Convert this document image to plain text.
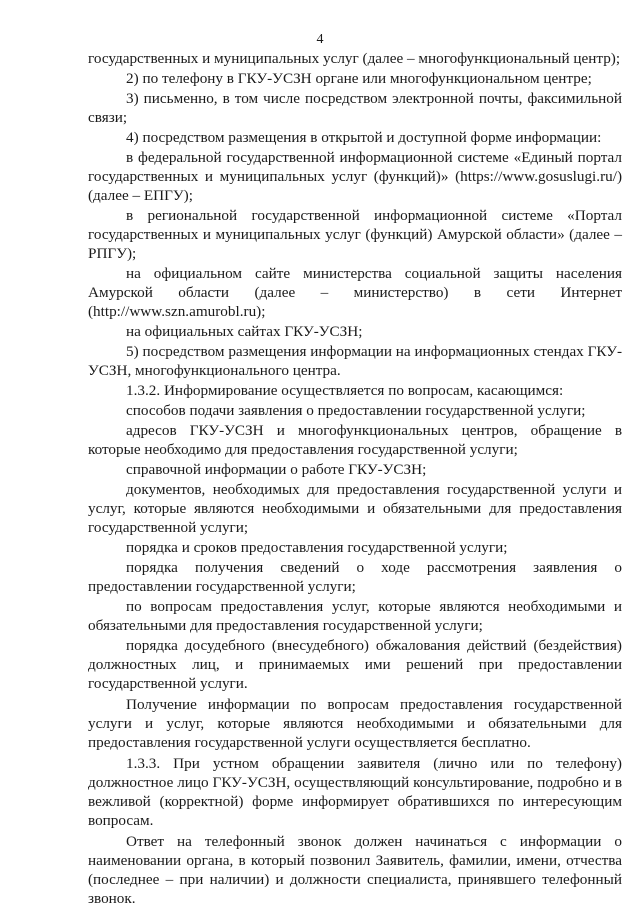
4

государственных и муниципальных услуг (далее – многофункциональный центр);

2) по телефону в ГКУ-УСЗН органе или многофункциональном центре;

3) письменно, в том числе посредством электронной почты, факсимильной связи;

4) посредством размещения в открытой и доступной форме информации:

в федеральной государственной информационной системе «Единый портал государственных и муниципальных услуг (функций)» (https://www.gosuslugi.ru/) (далее – ЕПГУ);

в региональной государственной информационной системе «Портал государственных и муниципальных услуг (функций) Амурской области» (далее – РПГУ);

на официальном сайте министерства социальной защиты населения Амурской области (далее – министерство) в сети Интернет (http://www.szn.amurobl.ru);

на официальных сайтах ГКУ-УСЗН;

5) посредством размещения информации на информационных стендах ГКУ-УСЗН, многофункционального центра.

1.3.2. Информирование осуществляется по вопросам, касающимся:

способов подачи заявления о предоставлении государственной услуги;

адресов ГКУ-УСЗН и многофункциональных центров, обращение в которые необходимо для предоставления государственной услуги;

справочной информации о работе ГКУ-УСЗН;

документов, необходимых для предоставления государственной услуги и услуг, которые являются необходимыми и обязательными для предоставления государственной услуги;

порядка и сроков предоставления государственной услуги;

порядка получения сведений о ходе рассмотрения заявления о предоставлении государственной услуги;

по вопросам предоставления услуг, которые являются необходимыми и обязательными для предоставления государственной услуги;

порядка досудебного (внесудебного) обжалования действий (бездействия) должностных лиц, и принимаемых ими решений при предоставлении государственной услуги.

Получение информации по вопросам предоставления государственной услуги и услуг, которые являются необходимыми и обязательными для предоставления государственной услуги осуществляется бесплатно.

1.3.3. При устном обращении заявителя (лично или по телефону) должностное лицо ГКУ-УСЗН, осуществляющий консультирование, подробно и в вежливой (корректной) форме информирует обратившихся по интересующим вопросам.

Ответ на телефонный звонок должен начинаться с информации о наименовании органа, в который позвонил Заявитель, фамилии, имени, отчества (последнее – при наличии) и должности специалиста, принявшего телефонный звонок.
